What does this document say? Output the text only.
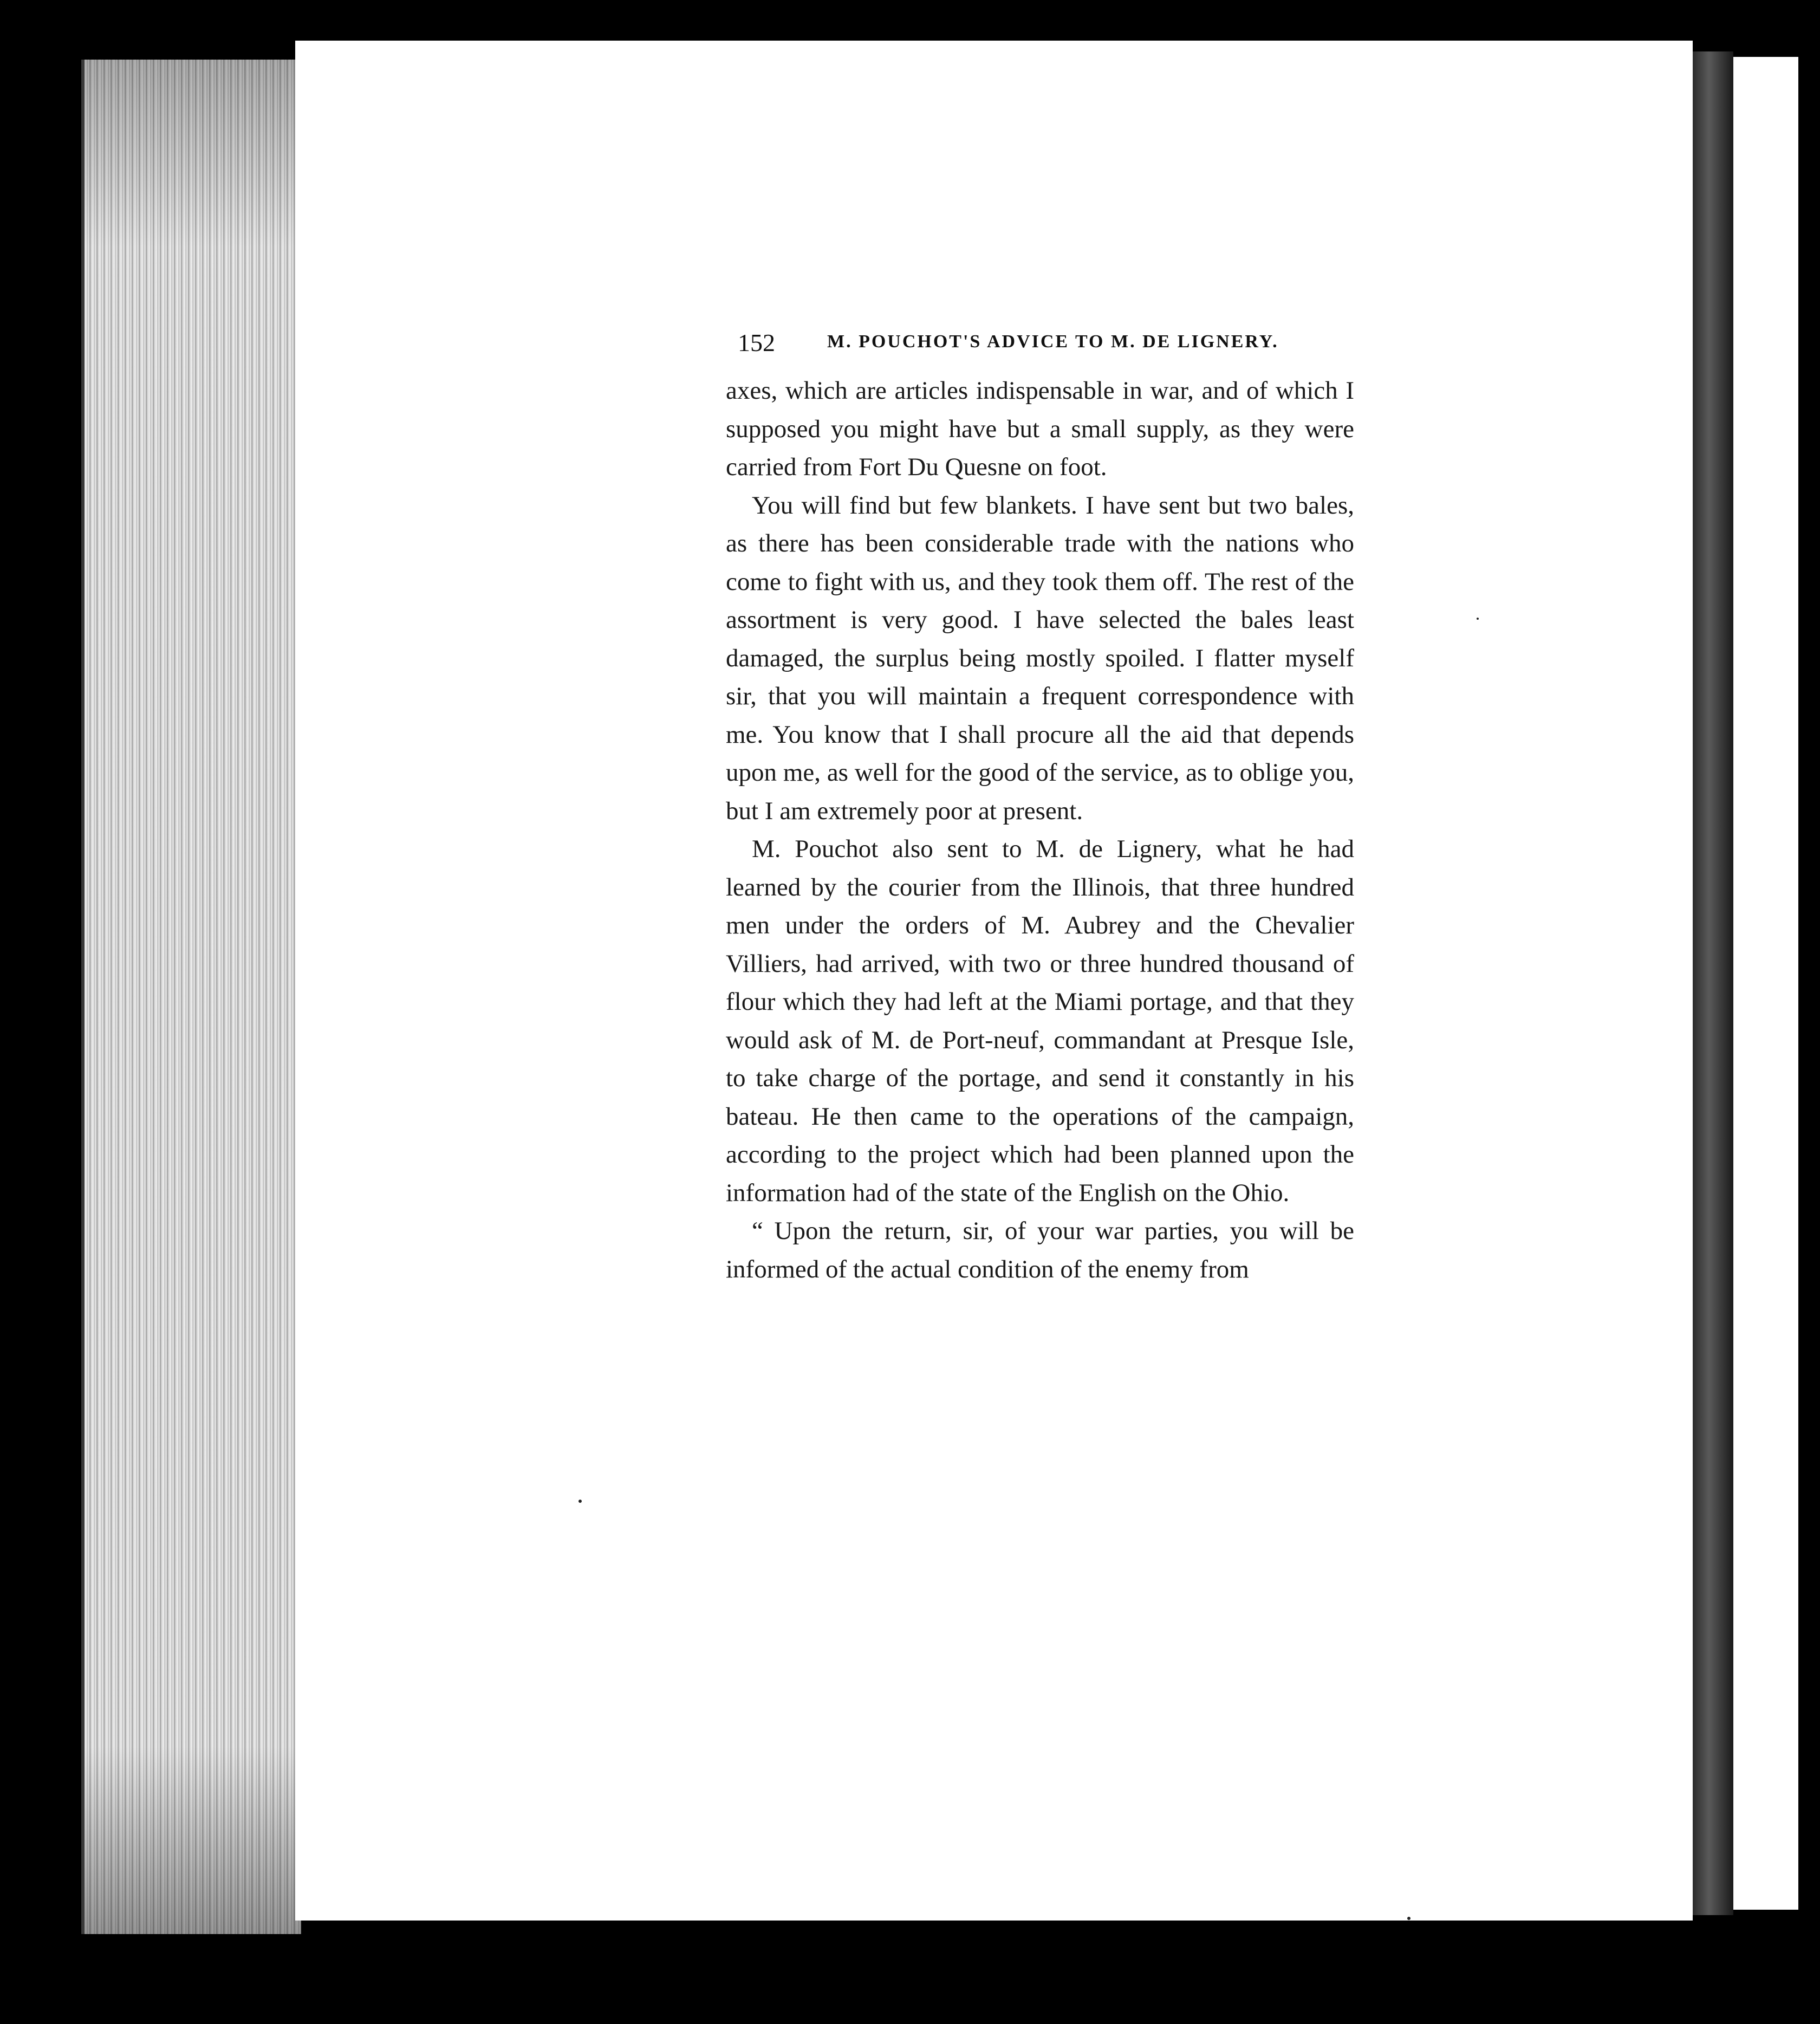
152	M. POUCHOT'S ADVICE TO M. DE LIGNERY.

axes, which are articles indispensable in war, and of which I supposed you might have but a small supply, as they were carried from Fort Du Quesne on foot.

You will find but few blankets. I have sent but two bales, as there has been considerable trade with the nations who come to fight with us, and they took them off. The rest of the assortment is very good. I have selected the bales least damaged, the surplus being mostly spoiled. I flatter myself sir, that you will maintain a frequent correspondence with me. You know that I shall procure all the aid that depends upon me, as well for the good of the service, as to oblige you, but I am extremely poor at present.

M. Pouchot also sent to M. de Lignery, what he had learned by the courier from the Illinois, that three hundred men under the orders of M. Aubrey and the Chevalier Villiers, had arrived, with two or three hundred thousand of flour which they had left at the Miami portage, and that they would ask of M. de Port-neuf, commandant at Presque Isle, to take charge of the portage, and send it constantly in his bateau. He then came to the operations of the campaign, according to the project which had been planned upon the information had of the state of the English on the Ohio.

“ Upon the return, sir, of your war parties, you will be informed of the actual condition of the enemy from
